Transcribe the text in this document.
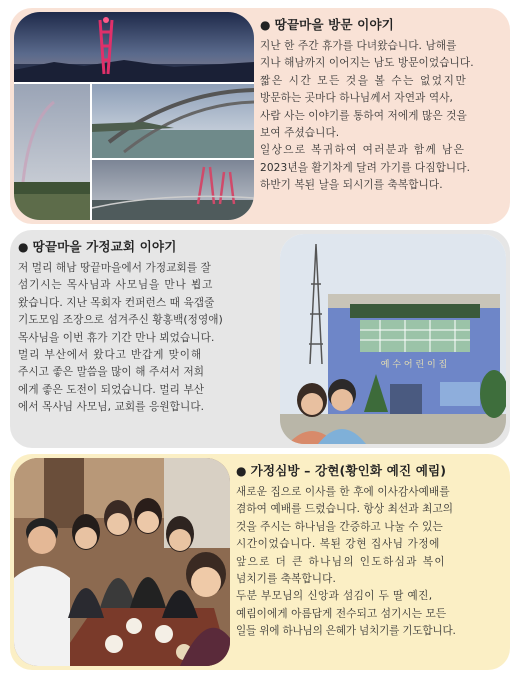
● 땅끝마을 방문 이야기
지난 한 주간 휴가를 다녀왔습니다. 남해를
지나 해남까지 이어지는 남도 방문이었습니다.
짧은 시간 모든 것을 볼 수는 없었지만
방문하는 곳마다 하나님께서 자연과 역사,
사람 사는 이야기를 통하여 저에게 많은 것을
보여 주셨습니다.
일상으로 복귀하여 여러분과 함께 남은
2023년을 활기차게 달려 가기를 다짐합니다.
하반기 복된 날을 되시기를 축복합니다.
● 땅끝마을 가정교회 이야기
저 멀리 해남 땅끝마을에서 가정교회를 잘
섬기시는 목사님과 사모님을 만나 뵙고
왔습니다. 지난 목회자 컨퍼런스 때 육갭줄
기도모임 조장으로 섬겨주신 황홍백(정영애)
목사님을 이번 휴가 기간 만나 뵈었습니다.
멀리 부산에서 왔다고 반갑게 맞이해
주시고 좋은 말씀을 많이 해 주셔서 저희
에게 좋은 도전이 되었습니다. 멀리 부산
에서 목사님 사모님, 교회를 응원합니다.
예 수 어 린 이 집
● 가정심방 – 강현(황인화 예진 예림)
새로운 집으로 이사를 한 후에 이사감사예배를
겸하여 예배를 드렸습니다. 항상 최선과 최고의
것을 주시는 하나님을 간증하고 나눌 수 있는
시간이었습니다. 복된 강현 집사님 가정에
앞으로 더 큰 하나님의 인도하심과 복이
넘치기를 축복합니다.
두분 부모님의 신앙과 섬김이 두 딸 예진,
예림이에게 아름답게 전수되고 섬기시는 모든
일들 위에 하나님의 은혜가 넘치기를 기도합니다.
